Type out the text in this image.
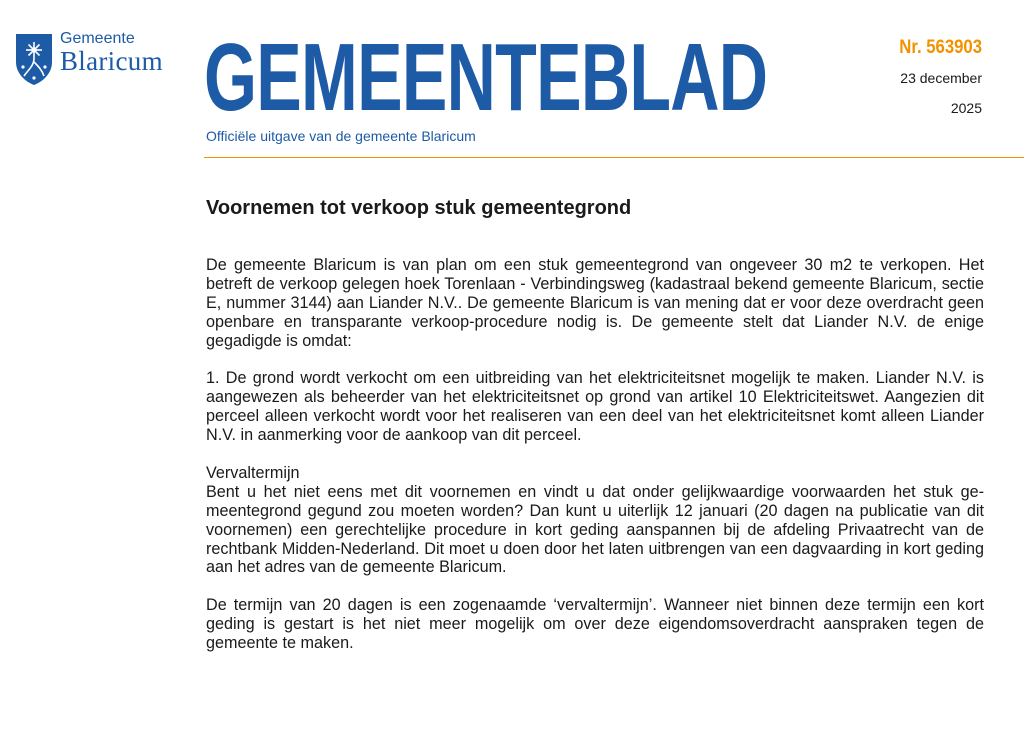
Gemeente
Blaricum GEMEENTEBLAD
Officiële uitgave van de gemeente Blaricum
Nr. 563903
23 december
2025
Voornemen tot verkoop stuk gemeentegrond

De gemeente Blaricum is van plan om een stuk gemeentegrond van ongeveer 30 m2 te verkopen. Het betreft de verkoop gelegen hoek Torenlaan - Verbindingsweg (kadastraal bekend gemeente Blaricum, sectie E, nummer 3144) aan Liander N.V.. De gemeente Blaricum is van mening dat er voor deze overdracht geen openbare en transparante verkoop-procedure nodig is. De gemeente stelt dat Liander N.V. de enige gegadigde is omdat:

1. De grond wordt verkocht om een uitbreiding van het elektriciteitsnet mogelijk te maken. Liander N.V. is aangewezen als beheerder van het elektriciteitsnet op grond van artikel 10 Elektriciteitswet. Aangezien dit perceel alleen verkocht wordt voor het realiseren van een deel van het elektriciteitsnet komt alleen Liander N.V. in aanmerking voor de aankoop van dit perceel.

Vervaltermijn
Bent u het niet eens met dit voornemen en vindt u dat onder gelijkwaardige voorwaarden het stuk gemeentegrond gegund zou moeten worden? Dan kunt u uiterlijk 12 januari (20 dagen na publicatie van dit voornemen) een gerechtelijke procedure in kort geding aanspannen bij de afdeling Privaatrecht van de rechtbank Midden-Nederland. Dit moet u doen door het laten uitbrengen van een dagvaarding in kort geding aan het adres van de gemeente Blaricum.

De termijn van 20 dagen is een zogenaamde ‘vervaltermijn’. Wanneer niet binnen deze termijn een kort geding is gestart is het niet meer mogelijk om over deze eigendomsoverdracht aanspraken tegen de gemeente te maken.
